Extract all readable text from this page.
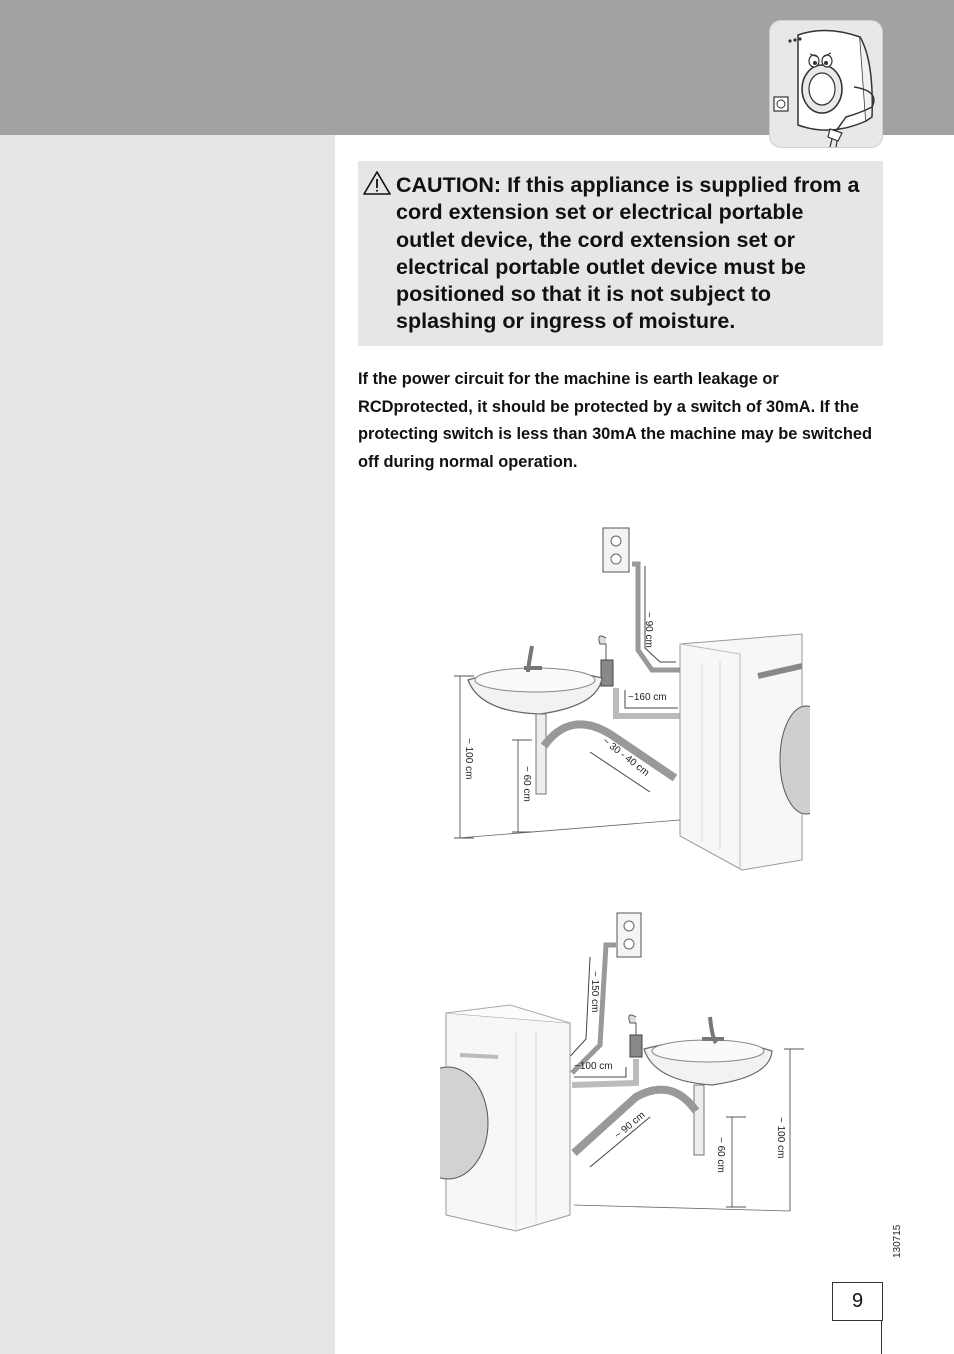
CAUTION: If this appliance is supplied from a cord extension set or electrical portable outlet device, the cord extension set or electrical portable outlet device must be positioned so that it is not subject to splashing or ingress of moisture.
If the power circuit for the machine is earth leakage or RCDprotected, it should be protected by a switch of 30mA. If the protecting switch is less than 30mA the machine may be switched off during normal operation.
~ 90 cm
~160 cm
~ 30 - 40 cm
~ 100 cm
~ 60 cm
~ 150 cm
~100 cm
~ 90 cm
~ 60 cm	~ 100 cm
130715
9
